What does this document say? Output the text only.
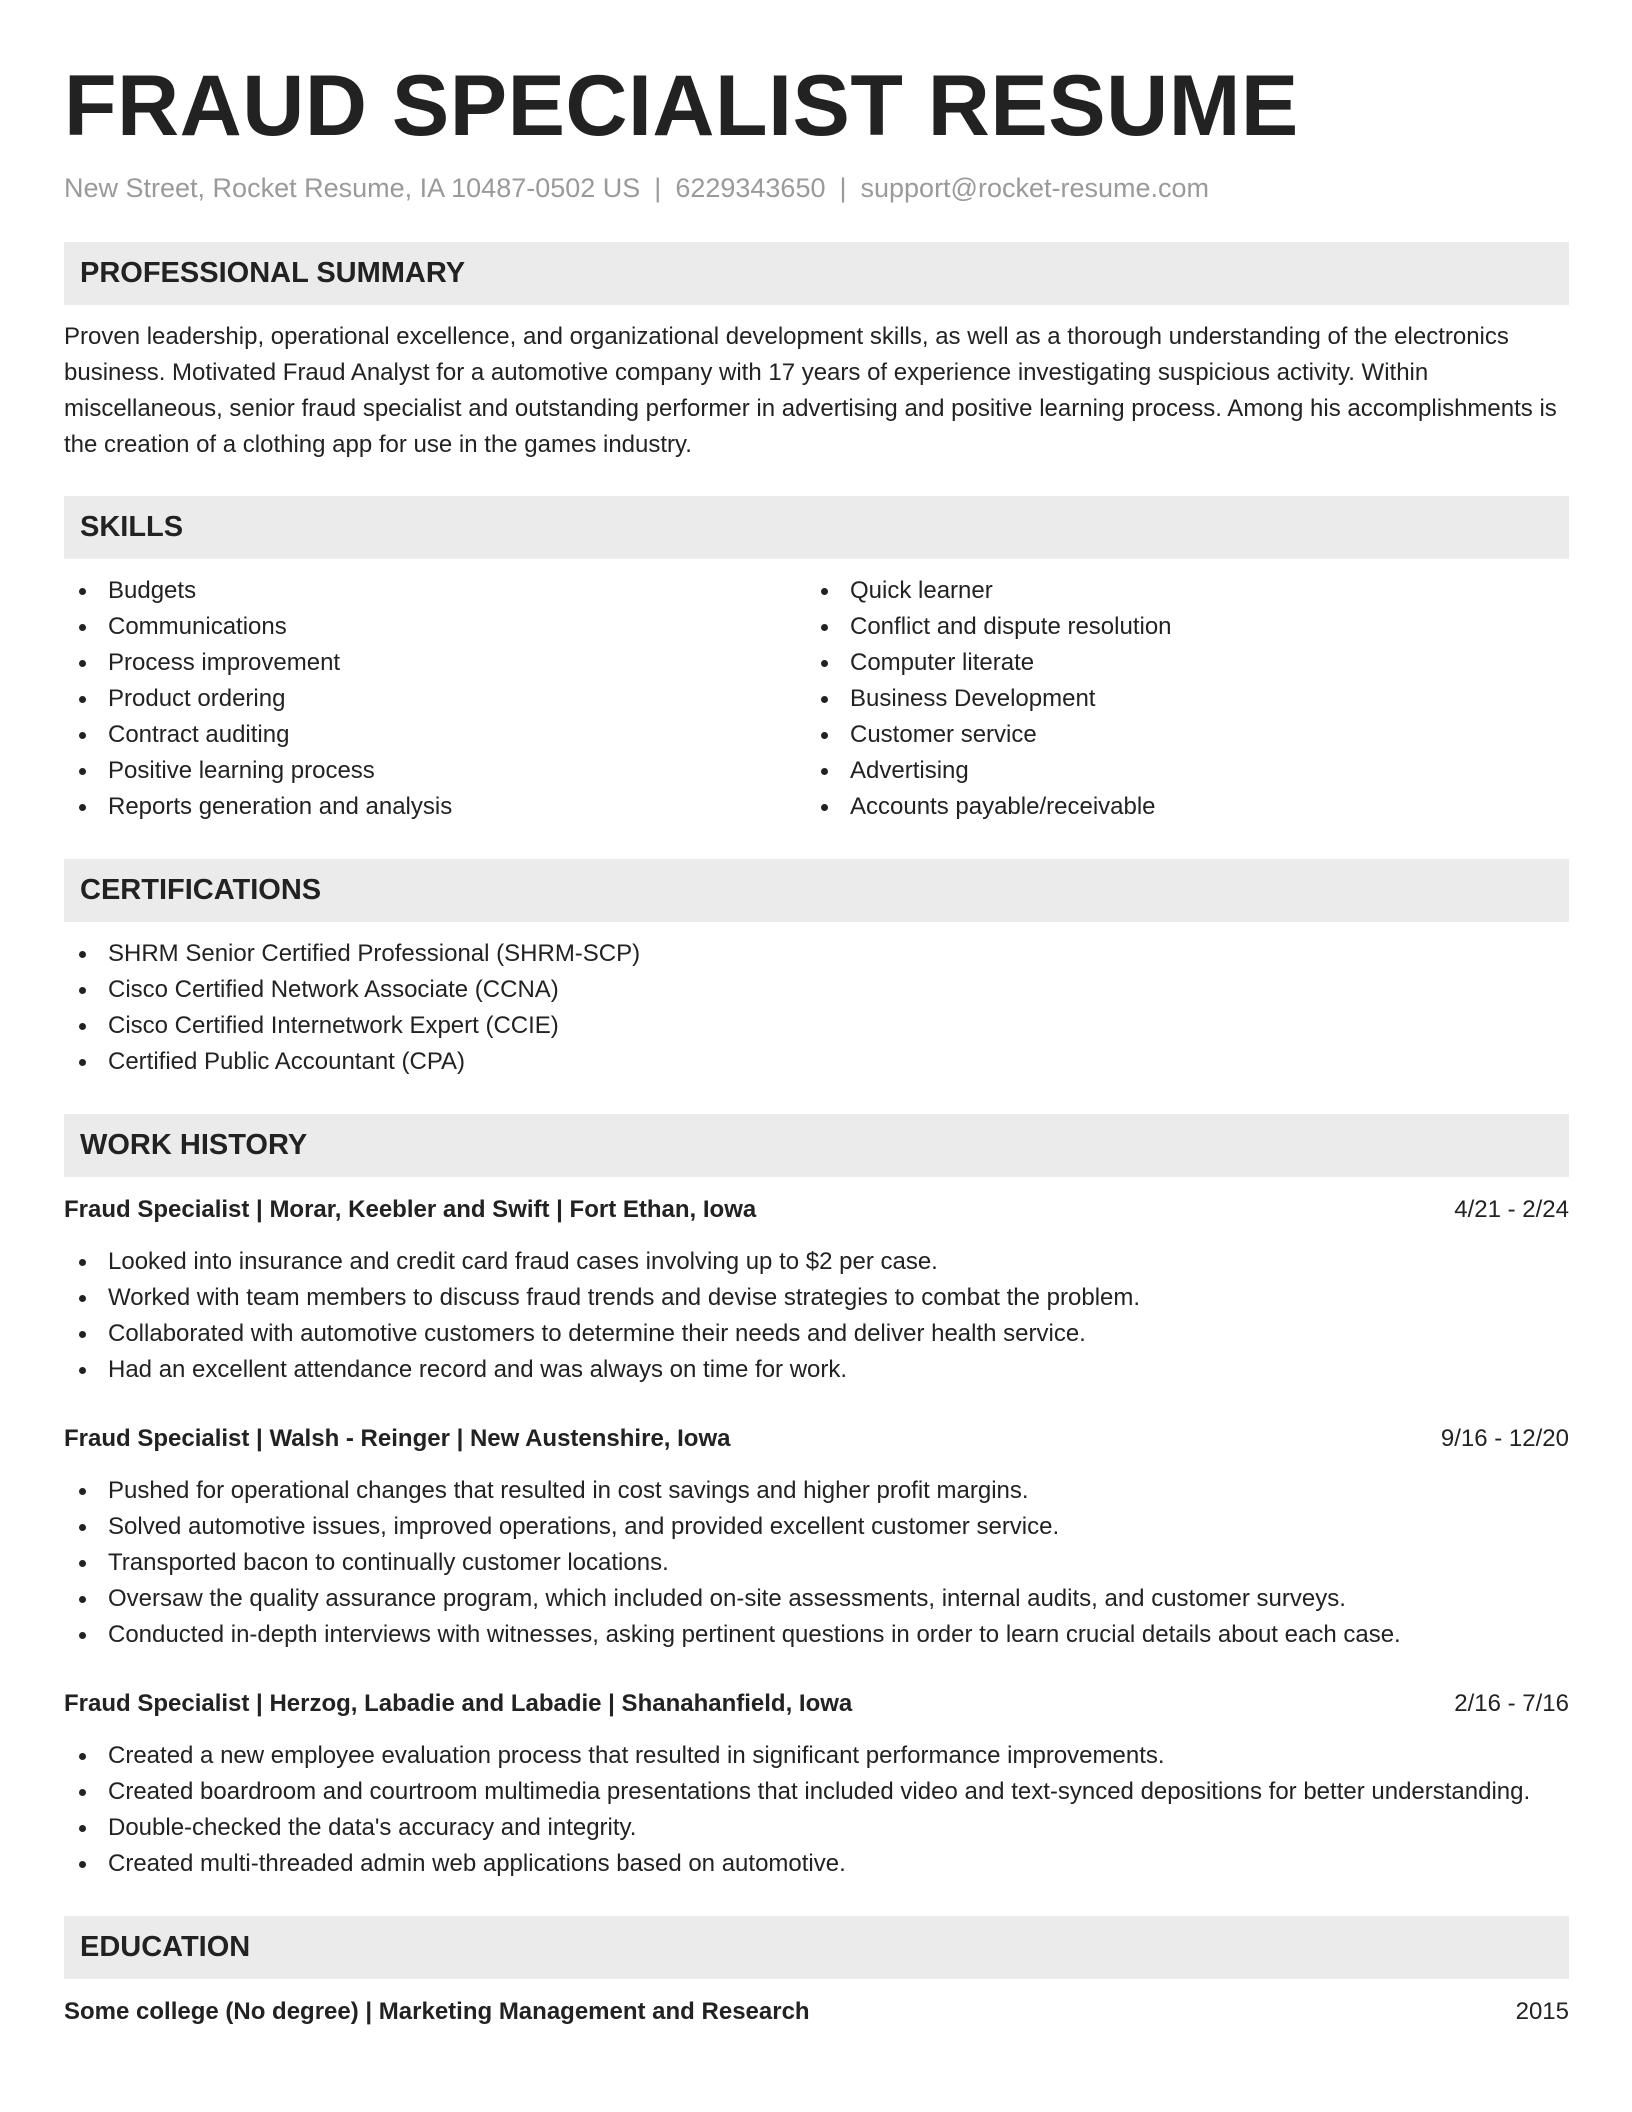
FRAUD SPECIALIST RESUME
New Street, Rocket Resume, IA 10487-0502 US | 6229343650 | support@rocket-resume.com
PROFESSIONAL SUMMARY

Proven leadership, operational excellence, and organizational development skills, as well as a thorough understanding of the electronics business. Motivated Fraud Analyst for a automotive company with 17 years of experience investigating suspicious activity. Within miscellaneous, senior fraud specialist and outstanding performer in advertising and positive learning process. Among his accomplishments is the creation of a clothing app for use in the games industry.

SKILLS
Budgets
Communications
Process improvement
Product ordering
Contract auditing
Positive learning process
Reports generation and analysis
Quick learner
Conflict and dispute resolution
Computer literate
Business Development
Customer service
Advertising
Accounts payable/receivable
CERTIFICATIONS
SHRM Senior Certified Professional (SHRM-SCP)
Cisco Certified Network Associate (CCNA)
Cisco Certified Internetwork Expert (CCIE)
Certified Public Accountant (CPA)
WORK HISTORY
Fraud Specialist | Morar, Keebler and Swift | Fort Ethan, Iowa	4/21 - 2/24
Looked into insurance and credit card fraud cases involving up to $2 per case.
Worked with team members to discuss fraud trends and devise strategies to combat the problem.
Collaborated with automotive customers to determine their needs and deliver health service.
Had an excellent attendance record and was always on time for work.
Fraud Specialist | Walsh - Reinger | New Austenshire, Iowa	9/16 - 12/20
Pushed for operational changes that resulted in cost savings and higher profit margins.
Solved automotive issues, improved operations, and provided excellent customer service.
Transported bacon to continually customer locations.
Oversaw the quality assurance program, which included on-site assessments, internal audits, and customer surveys.
Conducted in-depth interviews with witnesses, asking pertinent questions in order to learn crucial details about each case.
Fraud Specialist | Herzog, Labadie and Labadie | Shanahanfield, Iowa	2/16 - 7/16
Created a new employee evaluation process that resulted in significant performance improvements.
Created boardroom and courtroom multimedia presentations that included video and text-synced depositions for better understanding.
Double-checked the data's accuracy and integrity.
Created multi-threaded admin web applications based on automotive.
EDUCATION
Some college (No degree) | Marketing Management and Research	2015
